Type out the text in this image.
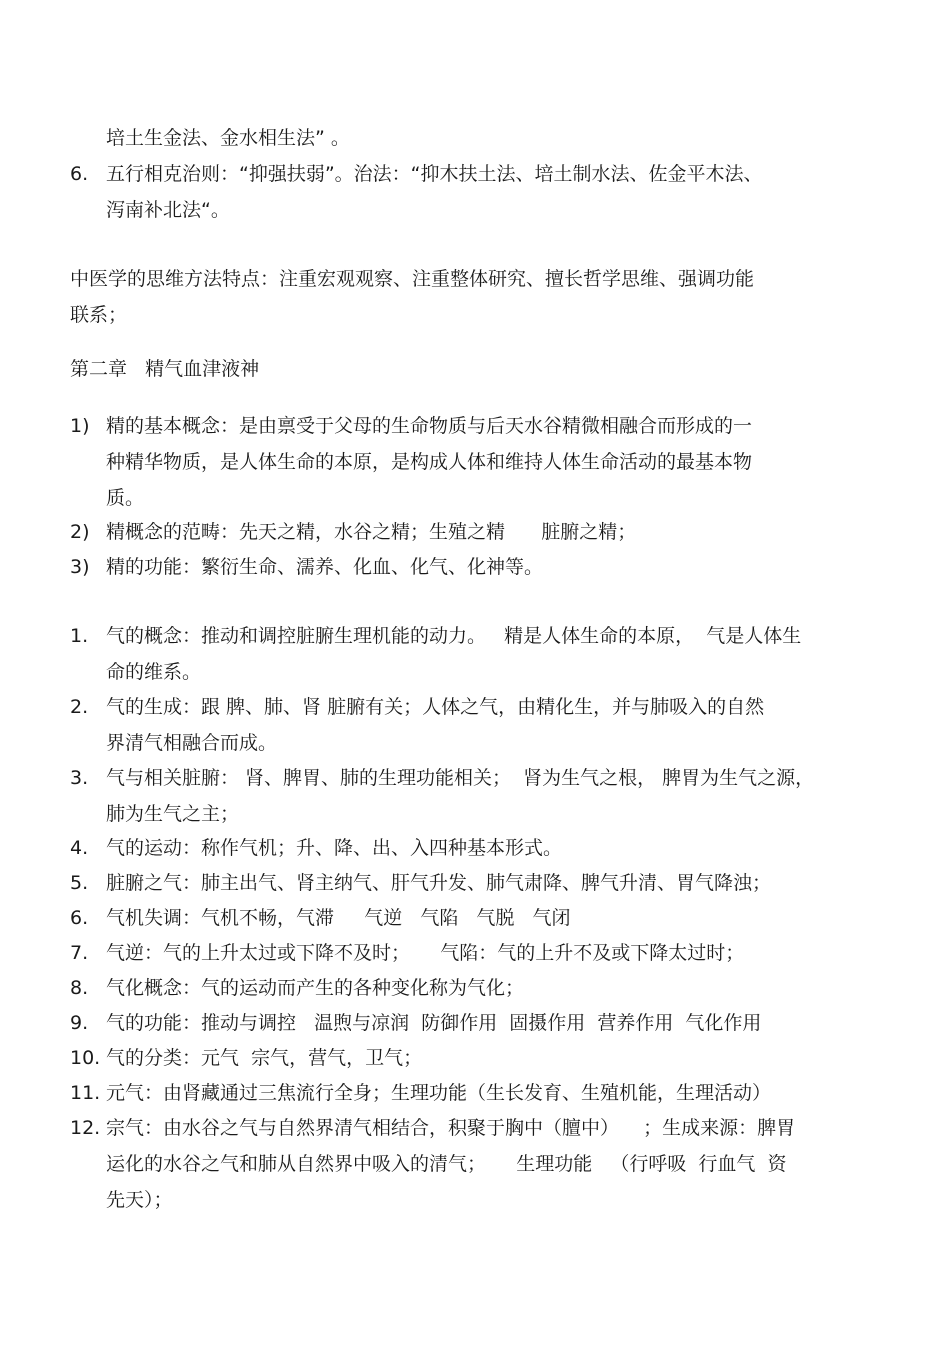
培土生金法、金水相生法” 。
6. 五行相克治则：“抑强扶弱”。治法：“抑木扶土法、培土制水法、佐金平木法、
泻南补北法“。
中医学的思维方法特点：注重宏观观察、注重整体研究、擅长哲学思维、强调功能
联系；
第二章   精气血津液神
1) 精的基本概念：是由禀受于父母的生命物质与后天水谷精微相融合而形成的一
种精华物质，是人体生命的本原，是构成人体和维持人体生命活动的最基本物
质。
2) 精概念的范畴：先天之精，水谷之精；生殖之精      脏腑之精；
3) 精的功能：繁衍生命、濡养、化血、化气、化神等。
1. 气的概念：推动和调控脏腑生理机能的动力。   精是人体生命的本原，  气是人体生
命的维系。
2. 气的生成：跟 脾、肺、肾 脏腑有关；人体之气，由精化生，并与肺吸入的自然
界清气相融合而成。
3. 气与相关脏腑： 肾、脾胃、肺的生理功能相关；  肾为生气之根， 脾胃为生气之源，
肺为生气之主；
4. 气的运动：称作气机；升、降、出、入四种基本形式。
5. 脏腑之气：肺主出气、肾主纳气、肝气升发、肺气肃降、脾气升清、胃气降浊；
6. 气机失调：气机不畅，气滞     气逆   气陷   气脱   气闭
7. 气逆：气的上升太过或下降不及时；     气陷：气的上升不及或下降太过时；
8. 气化概念：气的运动而产生的各种变化称为气化；
9. 气的功能：推动与调控   温煦与凉润  防御作用  固摄作用  营养作用  气化作用
10. 气的分类：元气  宗气，营气，卫气；
11. 元气：由肾藏通过三焦流行全身；生理功能（生长发育、生殖机能，生理活动）
12. 宗气：由水谷之气与自然界清气相结合，积聚于胸中（膻中）    ；生成来源：脾胃
运化的水谷之气和肺从自然界中吸入的清气；     生理功能   （行呼吸  行血气  资
先天）；
